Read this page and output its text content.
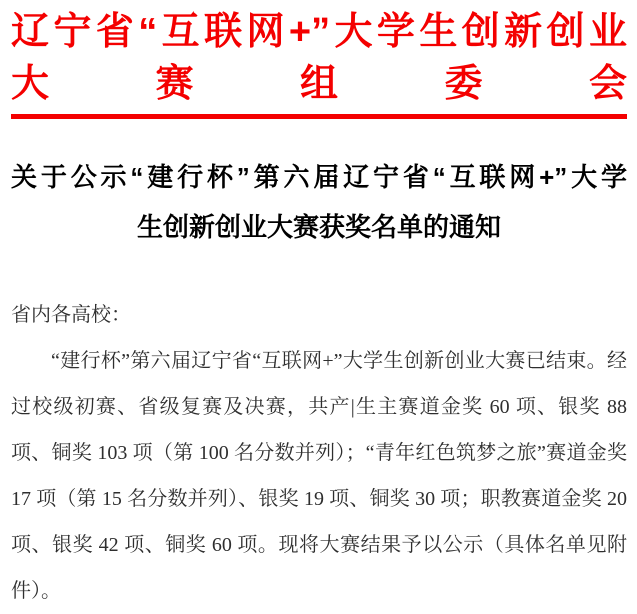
辽宁省“互联网+”大学生创新创业
大赛组委会
关于公示“建行杯”第六届辽宁省“互联网+”大学
生创新创业大赛获奖名单的通知
省内各高校：

“建行杯”第六届辽宁省“互联网+”大学生创新创业大赛已结束。经过校级初赛、省级复赛及决赛，共产|生主赛道金奖 60 项、银奖 88 项、铜奖 103 项（第 100 名分数并列）；“青年红色筑梦之旅”赛道金奖 17 项（第 15 名分数并列）、银奖 19 项、铜奖 30 项；职教赛道金奖 20 项、银奖 42 项、铜奖 60 项。现将大赛结果予以公示（具体名单见附件）。
